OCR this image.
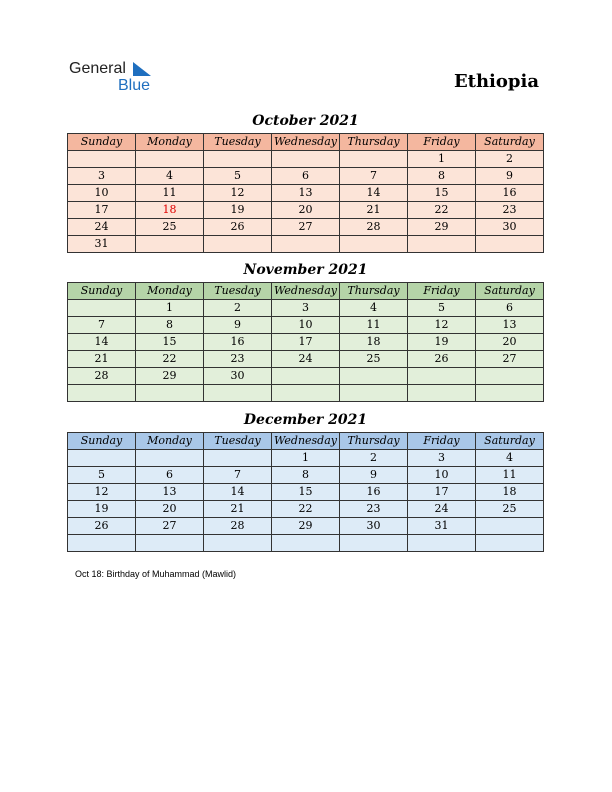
General
Blue	Ethiopia
October 2021
Sunday	Monday	Tuesday	Wednesday	Thursday	Friday	Saturday
					1	2
3	4	5	6	7	8	9
10	11	12	13	14	15	16
17	18	19	20	21	22	23
24	25	26	27	28	29	30
31						
November 2021
Sunday	Monday	Tuesday	Wednesday	Thursday	Friday	Saturday
	1	2	3	4	5	6
7	8	9	10	11	12	13
14	15	16	17	18	19	20
21	22	23	24	25	26	27
28	29	30				

December 2021
Sunday	Monday	Tuesday	Wednesday	Thursday	Friday	Saturday
			1	2	3	4
5	6	7	8	9	10	11
12	13	14	15	16	17	18
19	20	21	22	23	24	25
26	27	28	29	30	31	

Oct 18: Birthday of Muhammad (Mawlid)
